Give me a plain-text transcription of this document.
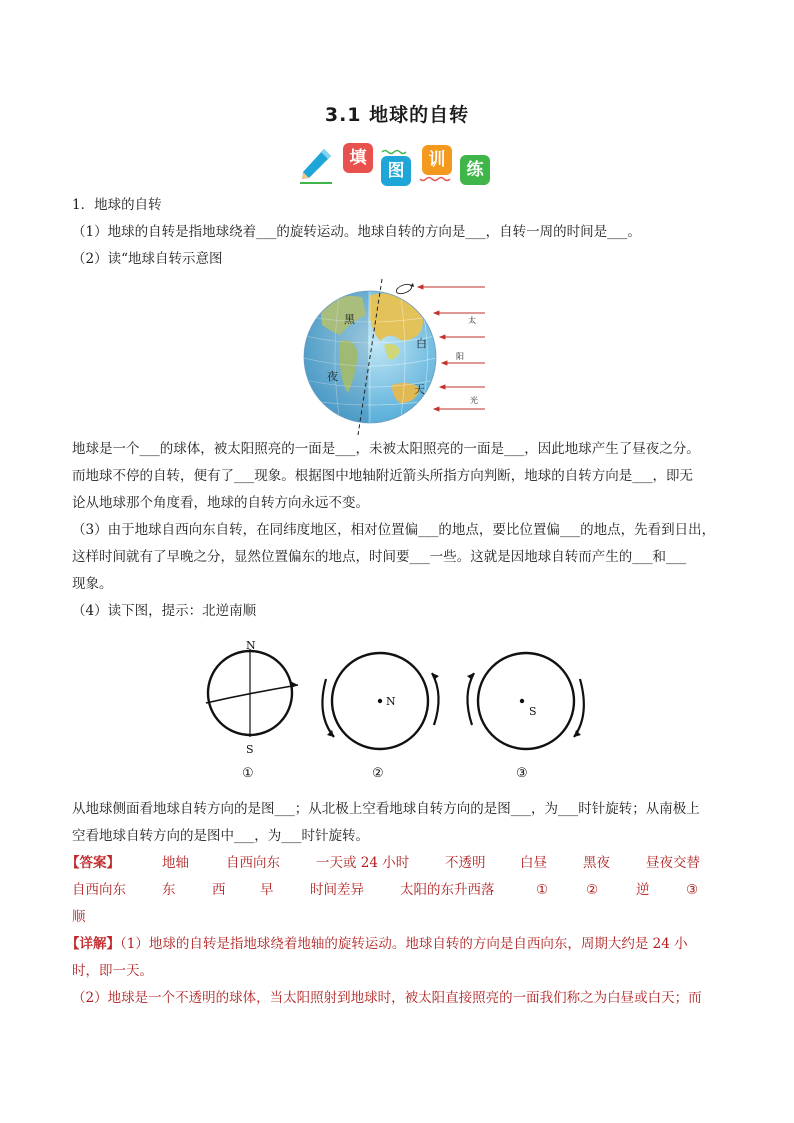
3.1 地球的自转
填
图
训	练
1．地球的自转
（1）地球的自转是指地球绕着___的旋转运动。地球自转的方向是___，自转一周的时间是___。
（2）读“地球自转示意图
黑
夜
白
天
太
阳
光
地球是一个___的球体，被太阳照亮的一面是___，未被太阳照亮的一面是___，因此地球产生了昼夜之分。
而地球不停的自转，便有了___现象。根据图中地轴附近箭头所指方向判断，地球的自转方向是___，即无
论从地球那个角度看，地球的自转方向永远不变。
（3）由于地球自西向东自转，在同纬度地区，相对位置偏___的地点，要比位置偏___的地点，先看到日出，
这样时间就有了早晚之分，显然位置偏东的地点，时间要___一些。这就是因地球自转而产生的___和___
现象。
（4）读下图，提示：北逆南顺
N
S
①
N
②
S
③
从地球侧面看地球自转方向的是图___；从北极上空看地球自转方向的是图___，为___时针旋转；从南极上
空看地球自转方向的是图中___，为___时针旋转。
【答案】	地轴	自西向东	一天或 24 小时	不透明	白昼	黑夜	昼夜交替
自西向东	东	西	早	时间差异	太阳的东升西落	①	②	逆	③
顺
【详解】（1）地球的自转是指地球绕着地轴的旋转运动。地球自转的方向是自西向东，周期大约是 24 小
时，即一天。
（2）地球是一个不透明的球体，当太阳照射到地球时，被太阳直接照亮的一面我们称之为白昼或白天；而
